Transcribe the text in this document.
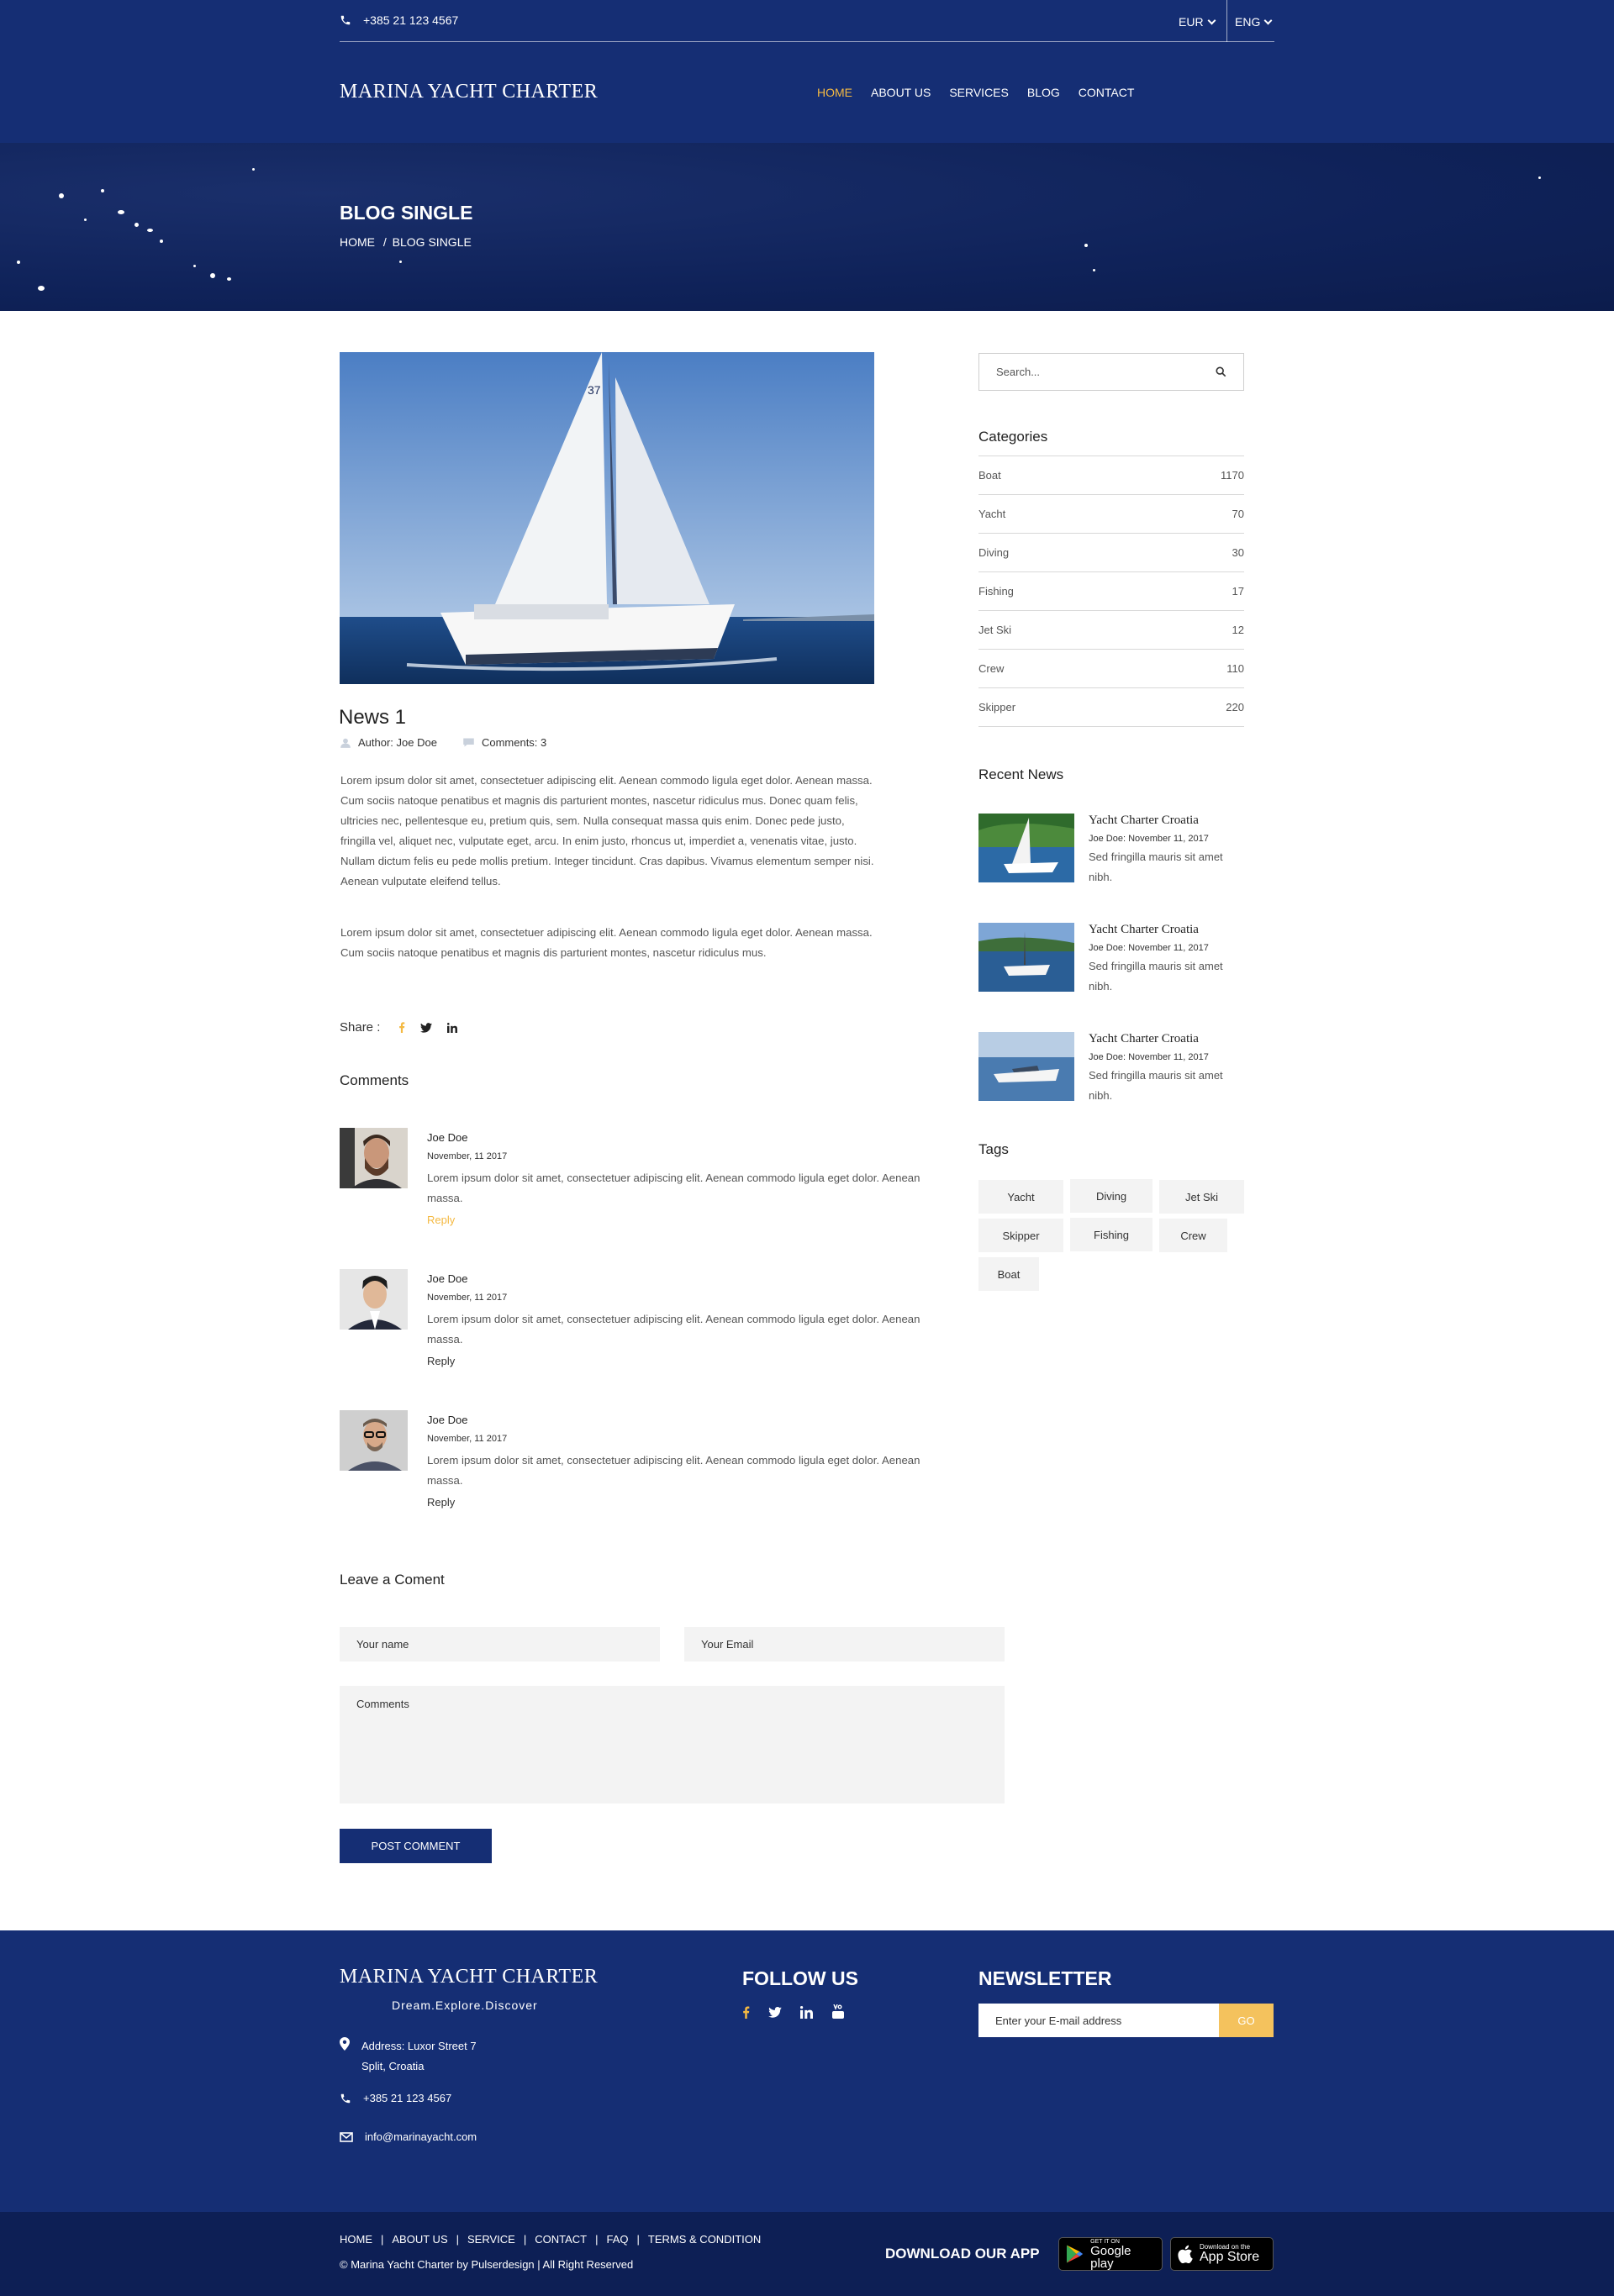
+385 21 123 4567	EUR	ENG
MARINA YACHT CHARTER	HOME ABOUT US SERVICES BLOG CONTACT
BLOG SINGLE
HOME / BLOG SINGLE
37
News 1
Author: Joe Doe	Comments: 3

Lorem ipsum dolor sit amet, consectetuer adipiscing elit. Aenean commodo ligula eget dolor. Aenean massa. Cum sociis natoque penatibus et magnis dis parturient montes, nascetur ridiculus mus. Donec quam felis, ultricies nec, pellentesque eu, pretium quis, sem. Nulla consequat massa quis enim. Donec pede justo, fringilla vel, aliquet nec, vulputate eget, arcu. In enim justo, rhoncus ut, imperdiet a, venenatis vitae, justo. Nullam dictum felis eu pede mollis pretium. Integer tincidunt. Cras dapibus. Vivamus elementum semper nisi. Aenean vulputate eleifend tellus.

Lorem ipsum dolor sit amet, consectetuer adipiscing elit. Aenean commodo ligula eget dolor. Aenean massa. Cum sociis natoque penatibus et magnis dis parturient montes, nascetur ridiculus mus.

Share :
Comments
Joe Doe
November, 11 2017
Lorem ipsum dolor sit amet, consectetuer adipiscing elit. Aenean commodo ligula eget dolor. Aenean massa.
Reply
Joe Doe
November, 11 2017
Lorem ipsum dolor sit amet, consectetuer adipiscing elit. Aenean commodo ligula eget dolor. Aenean massa.
Reply
Joe Doe
November, 11 2017
Lorem ipsum dolor sit amet, consectetuer adipiscing elit. Aenean commodo ligula eget dolor. Aenean massa.
Reply
Leave a Coment
Your name	Your Email
Comments
POST COMMENT
Search...
Categories
Boat	1170
Yacht	70
Diving	30
Fishing	17
Jet Ski	12
Crew	110
Skipper	220
Recent News
Yacht Charter Croatia
Joe Doe: November 11, 2017
Sed fringilla mauris sit amet nibh.
Yacht Charter Croatia
Joe Doe: November 11, 2017
Sed fringilla mauris sit amet nibh.
Yacht Charter Croatia
Joe Doe: November 11, 2017
Sed fringilla mauris sit amet nibh.
Tags
Yacht	Diving	Jet Ski
Skipper	Fishing	Crew
Boat
MARINA YACHT CHARTER
Dream.Explore.Discover
Address: Luxor Street 7
Split, Croatia
+385 21 123 4567
info@marinayacht.com
FOLLOW US	NEWSLETTER
Enter your E-mail address	GO
HOME | ABOUT US | SERVICE | CONTACT | FAQ | TERMS & CONDITION
© Marina Yacht Charter by Pulserdesign | All Right Reserved
DOWNLOAD OUR APP
GET IT ON
Google play
Download on the
App Store
